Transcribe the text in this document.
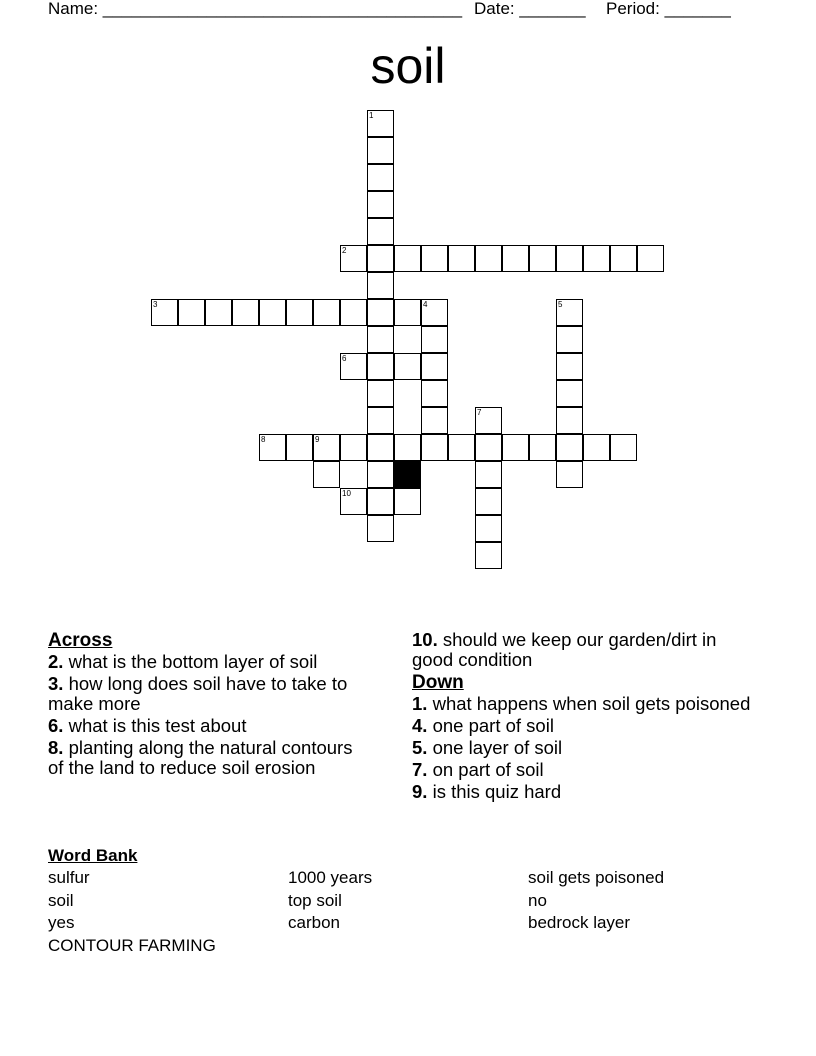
Name: ______________________________________ Date: _______ Period: _______
soil
1
2
3	4	5
6
7
8	9
10
Across
2. what is the bottom layer of soil
3. how long does soil have to take to make more
6. what is this test about
8. planting along the natural contours of the land to reduce soil erosion
10. should we keep our garden/dirt in good condition
Down
1. what happens when soil gets poisoned
4. one part of soil
5. one layer of soil
7. on part of soil
9. is this quiz hard
Word Bank
sulfur	1000 years	soil gets poisoned
soil	top soil	no
yes	carbon	bedrock layer
CONTOUR FARMING
